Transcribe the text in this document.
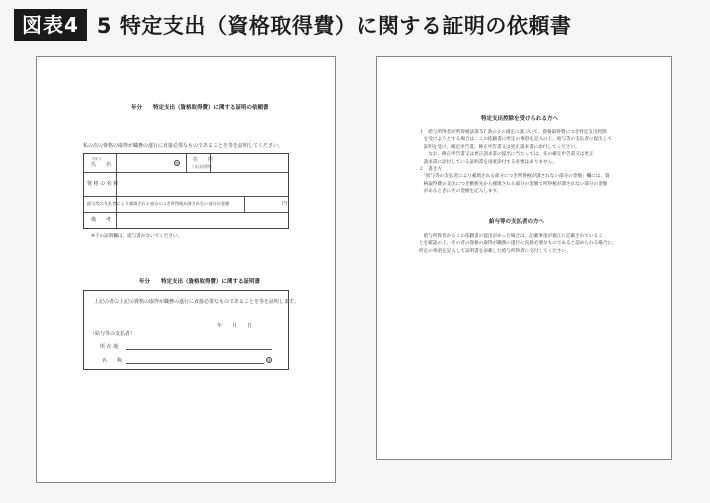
図表4 5 特定支出（資格取得費）に関する証明の依頼書
年分　　特定支出（資格取得費）に関する証明の依頼書
私の次の資格の取得が職務の遂行に直接必要なものであることを等を証明してください。
ﾌﾘｶﾞﾅ
氏　　名	㊞
住　　所
（又は居所）
資 格 の 名 称
給与等の支払者により補填される部分につき所得税が課されない部分の金額	円
備　　考
※下の証明欄は、從与書かないでください。
年分　　特定支出（資格取得費）に関する証明書
上記の者の上記の資格の取得が職務の遂行に直接必要なものであることを等を証明します。
年　　月　　日
（給与等の支払者）
所 在 地
名　　称	㊞
特定支出控除を受けられる方へ
１　給与所得者が所得税法第 57 条の２の規定に基づいて、資格取得費につき特定支出控除
　を受けようとする場合は、この依頼書に所定の事項を記入の上、給与等の支払者に提出して
　証明を受け、確定申告書、修正申告書又は更正請求書に添付してください。
　　なお、修正申告書又は更正請求書の提出に当たっては、先の確定申告書又は更正
　請求書に添付している証明書を再度添付する必要はありません。
２　書き方
　「給与等の支払者により補填される部分につき所得税が課されない部分の金額」欄には、資
　格取得費の支出につき勤務先から補填される部分の金額で所得税が課されない部分の金額
　があるときにその金額を記入します。
給与等の支払者の方へ
　給与所得者からこの依頼書の提出があった場合は、記載事項が適正に記載されているこ
とを確認の上、その者の資格の取得が職務の遂行に直接必要なものであると認められる場合に、
所定の事項を記入して証明書を添載した給与所得者に交付してください。
